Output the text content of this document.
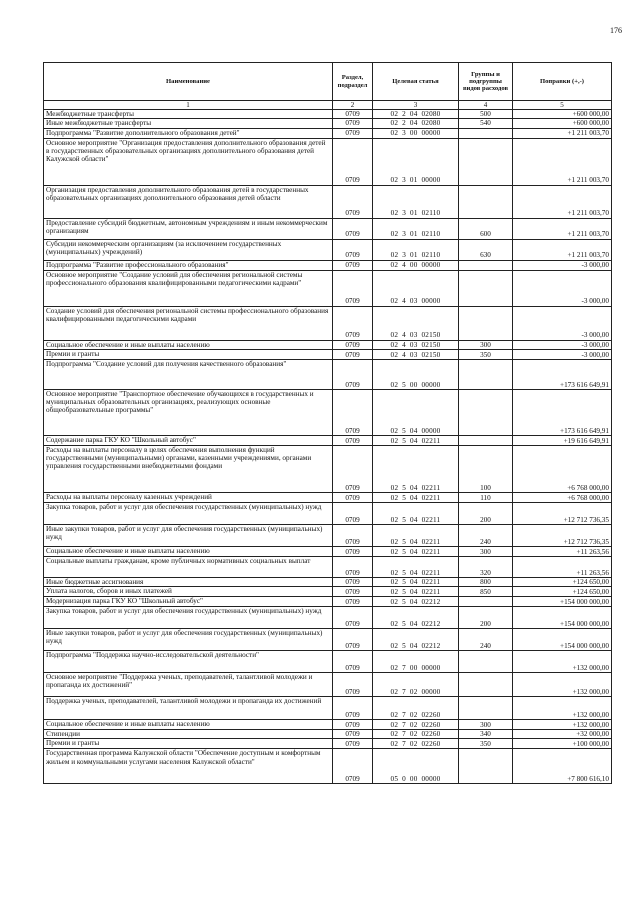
176
Наименование	Раздел, подраздел	Целевая статья	Группы и подгруппы видов расходов	Поправки (+,-)
1	2	3	4	5
Межбюджетные трансферты	0709	02  2  04  02080	500	+600 000,00
Иные межбюджетные трансферты	0709	02  2  04  02080	540	+600 000,00
Подпрограмма "Развитие дополнительного образования детей"	0709	02  3  00  00000		+1 211 003,70
Основное мероприятие "Организация предоставления дополнительного образования детей в государственных образовательных организациях дополнительного образования детей Калужской области"	0709	02  3  01  00000		+1 211 003,70
Организация предоставления дополнительного образования детей в государственных образовательных организациях дополнительного образования детей области	0709	02  3  01  02110		+1 211 003,70
Предоставление субсидий бюджетным, автономным учреждениям и иным некоммерческим организациям	0709	02  3  01  02110	600	+1 211 003,70
Субсидии некоммерческим организациям (за исключением государственных (муниципальных) учреждений)	0709	02  3  01  02110	630	+1 211 003,70
Подпрограмма "Развитие профессионального образования"	0709	02  4  00  00000		-3 000,00
Основное мероприятие "Создание условий для обеспечения региональной системы профессионального образования квалифицированными педагогическими кадрами"	0709	02  4  03  00000		-3 000,00
Создание условий для обеспечения региональной системы профессионального образования квалифицированными педагогическими кадрами	0709	02  4  03  02150		-3 000,00
Социальное обеспечение и иные выплаты населению	0709	02  4  03  02150	300	-3 000,00
Премии и гранты	0709	02  4  03  02150	350	-3 000,00
Подпрограмма "Создание условий для получения качественного образования"	0709	02  5  00  00000		+173 616 649,91
Основное мероприятие "Транспортное обеспечение обучающихся в государственных и муниципальных образовательных организациях, реализующих основные общеобразовательные программы"	0709	02  5  04  00000		+173 616 649,91
Содержание парка ГКУ КО "Школьный автобус"	0709	02  5  04  02211		+19 616 649,91
Расходы на выплаты персоналу в целях обеспечения выполнения функций государственными (муниципальными) органами, казенными учреждениями, органами управления государственными внебюджетными фондами	0709	02  5  04  02211	100	+6 768 000,00
Расходы на выплаты персоналу казенных учреждений	0709	02  5  04  02211	110	+6 768 000,00
Закупка товаров, работ и услуг для обеспечения государственных (муниципальных) нужд	0709	02  5  04  02211	200	+12 712 736,35
Иные закупки товаров, работ и услуг для обеспечения государственных (муниципальных) нужд	0709	02  5  04  02211	240	+12 712 736,35
Социальное обеспечение и иные выплаты населению	0709	02  5  04  02211	300	+11 263,56
Социальные выплаты гражданам, кроме публичных нормативных социальных выплат	0709	02  5  04  02211	320	+11 263,56
Иные бюджетные ассигнования	0709	02  5  04  02211	800	+124 650,00
Уплата налогов, сборов и иных платежей	0709	02  5  04  02211	850	+124 650,00
Модернизация парка ГКУ КО "Школьный автобус"	0709	02  5  04  02212		+154 000 000,00
Закупка товаров, работ и услуг для обеспечения государственных (муниципальных) нужд	0709	02  5  04  02212	200	+154 000 000,00
Иные закупки товаров, работ и услуг для обеспечения государственных (муниципальных) нужд	0709	02  5  04  02212	240	+154 000 000,00
Подпрограмма "Поддержка научно-исследовательской деятельности"	0709	02  7  00  00000		+132 000,00
Основное мероприятие "Поддержка ученых, преподавателей, талантливой молодежи и пропаганда их достижений"	0709	02  7  02  00000		+132 000,00
Поддержка ученых, преподавателей, талантливой молодежи и пропаганда их достижений	0709	02  7  02  02260		+132 000,00
Социальное обеспечение и иные выплаты населению	0709	02  7  02  02260	300	+132 000,00
Стипендии	0709	02  7  02  02260	340	+32 000,00
Премии и гранты	0709	02  7  02  02260	350	+100 000,00
Государственная программа Калужской области "Обеспечение доступным и комфортным жильем и коммунальными услугами населения Калужской области"	0709	05  0  00  00000		+7 800 616,10
